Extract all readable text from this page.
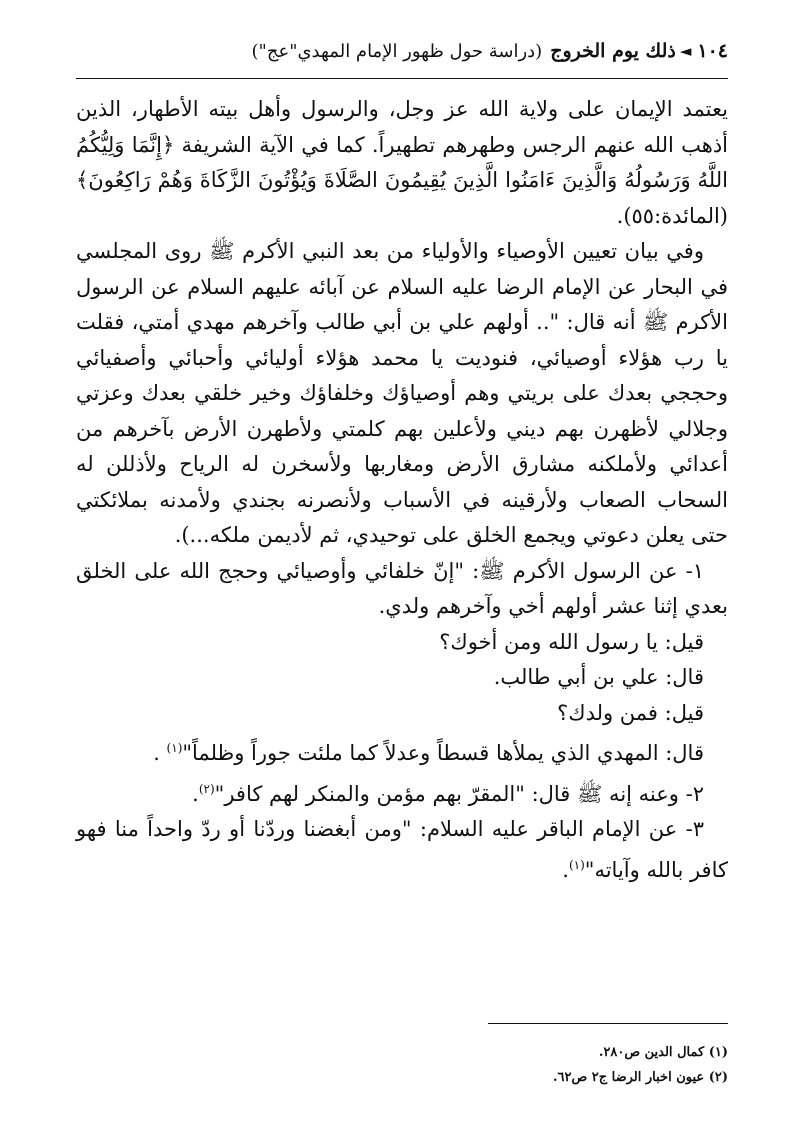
١٠٤
◄
ذلك يوم الخروج
(دراسة حول ظهور الإمام المهدي"عج")

يعتمد الإيمان على ولاية الله عز وجل، والرسول وأهل بيته الأطهار، الذين أذهب الله عنهم الرجس وطهرهم تطهيراً. كما في الآية الشريفة ﴿إِنَّمَا وَلِيُّكُمُ اللَّهُ وَرَسُولُهُ وَالَّذِينَ ءَامَنُوا الَّذِينَ يُقِيمُونَ الصَّلَاةَ وَيُؤْتُونَ الزَّكَاةَ وَهُمْ رَاكِعُونَ﴾ (المائدة:٥٥).

وفي بيان تعيين الأوصياء والأولياء من بعد النبي الأكرم ﷺ روى المجلسي في البحار عن الإمام الرضا عليه السلام عن آبائه عليهم السلام عن الرسول الأكرم ﷺ أنه قال: ".. أولهم علي بن أبي طالب وآخرهم مهدي أمتي، فقلت يا رب هؤلاء أوصيائي، فنوديت يا محمد هؤلاء أوليائي وأحبائي وأصفيائي وحججي بعدك على بريتي وهم أوصياؤك وخلفاؤك وخير خلقي بعدك وعزتي وجلالي لأظهرن بهم ديني ولأعلين بهم كلمتي ولأطهرن الأرض بآخرهم من أعدائي ولأملكنه مشارق الأرض ومغاربها ولأسخرن له الرياح ولأذللن له السحاب الصعاب ولأرقينه في الأسباب ولأنصرنه بجندي ولأمدنه بملائكتي حتى يعلن دعوتي ويجمع الخلق على توحيدي، ثم لأديمن ملكه...).

١- عن الرسول الأكرم ﷺ: "إنّ خلفائي وأوصيائي وحجج الله على الخلق بعدي إثنا عشر أولهم أخي وآخرهم ولدي.

قيل: يا رسول الله ومن أخوك؟

قال: علي بن أبي طالب.

قيل: فمن ولدك؟

قال: المهدي الذي يملأها قسطاً وعدلاً كما ملئت جوراً وظلماً"$^{(١)}$ .

٢- وعنه إنه ﷺ قال: "المقرّ بهم مؤمن والمنكر لهم كافر"$^{(٢)}$.

٣- عن الإمام الباقر عليه السلام: "ومن أبغضنا وردّنا أو ردّ واحداً منا فهو كافر بالله وآياته"$^{(١)}$.

(١) كمال الدين ص٢٨٠.
(٢) عيون اخبار الرضا ج٢ ص٦٢.
